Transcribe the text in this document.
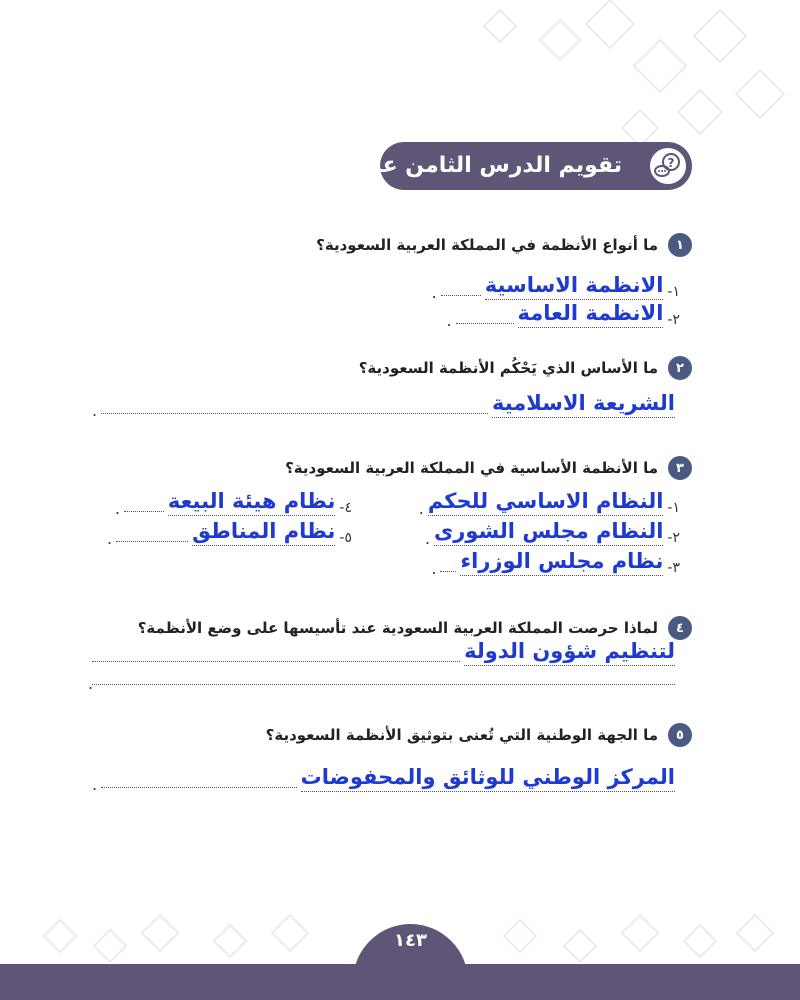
?
تقويم الدرس الثامن عشر
١
ما أنواع الأنظمة في المملكة العربية السعودية؟
١-
الانظمة الاساسية
.
٢-
الانظمة العامة
.
٢
ما الأساس الذي يَحْكُم الأنظمة السعودية؟
الشريعة الاسلامية
.
٣
ما الأنظمة الأساسية في المملكة العربية السعودية؟
١-
النظام الاساسي للحكم
.
٢-
النظام مجلس الشورى
.
٣-
نظام مجلس الوزراء
.
٤-
نظام هيئة البيعة
.
٥-
نظام المناطق
.
٤
لماذا حرصت المملكة العربية السعودية عند تأسيسها على وضع الأنظمة؟
لتنظيم شؤون الدولة
.
٥
ما الجهة الوطنية التي تُعنى بتوثيق الأنظمة السعودية؟
المركز الوطني للوثائق والمحفوضات
.
١٤٣
